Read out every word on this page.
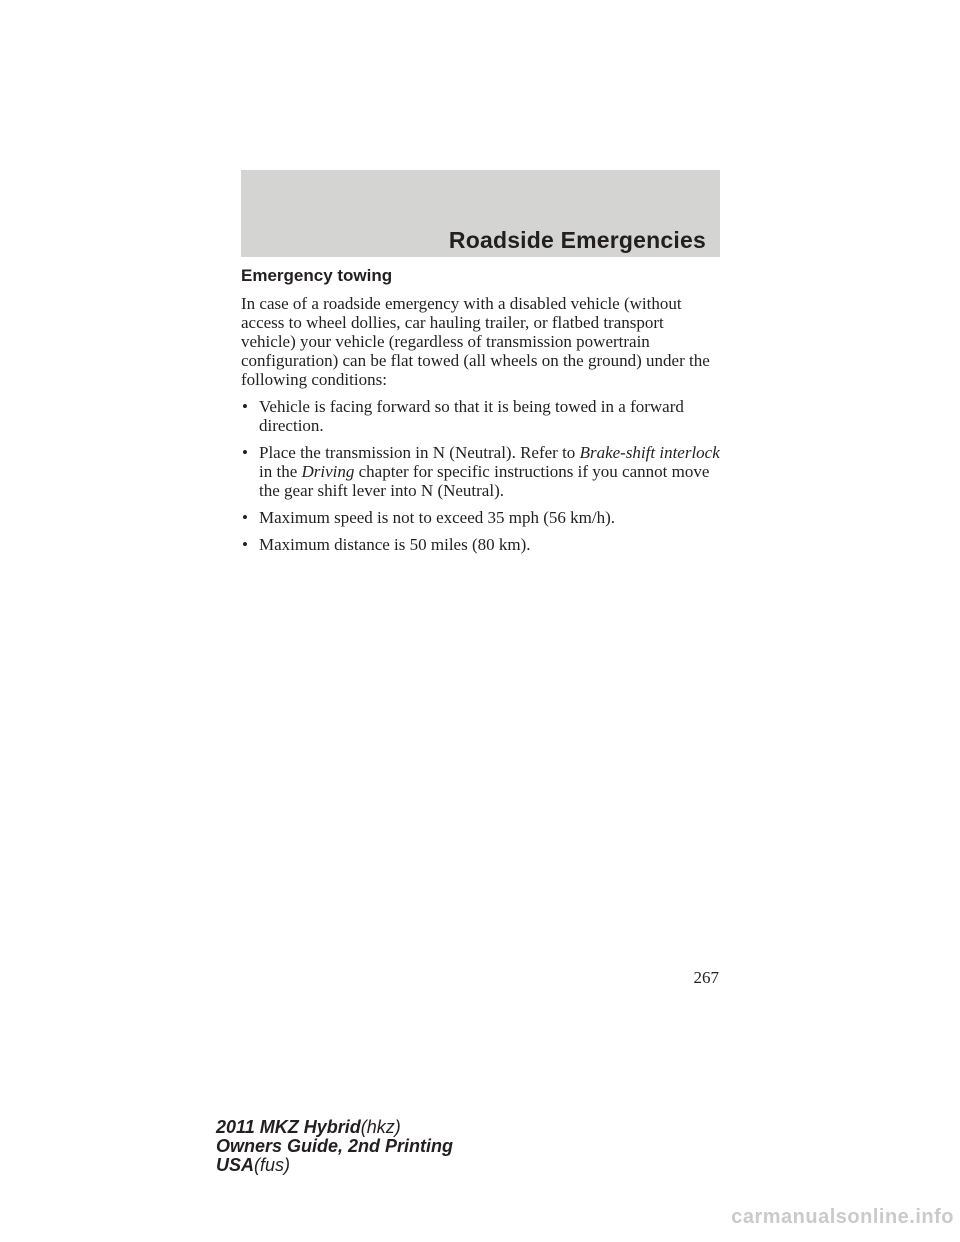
Roadside Emergencies
Emergency towing

In case of a roadside emergency with a disabled vehicle (without access to wheel dollies, car hauling trailer, or flatbed transport vehicle) your vehicle (regardless of transmission powertrain configuration) can be flat towed (all wheels on the ground) under the following conditions:

• Vehicle is facing forward so that it is being towed in a forward direction.
• Place the transmission in N (Neutral). Refer to Brake-shift interlock in the Driving chapter for specific instructions if you cannot move the gear shift lever into N (Neutral).
• Maximum speed is not to exceed 35 mph (56 km/h).
• Maximum distance is 50 miles (80 km).
267
2011 MKZ Hybrid(hkz)
Owners Guide, 2nd Printing
USA(fus)
carmanualsonline.info
